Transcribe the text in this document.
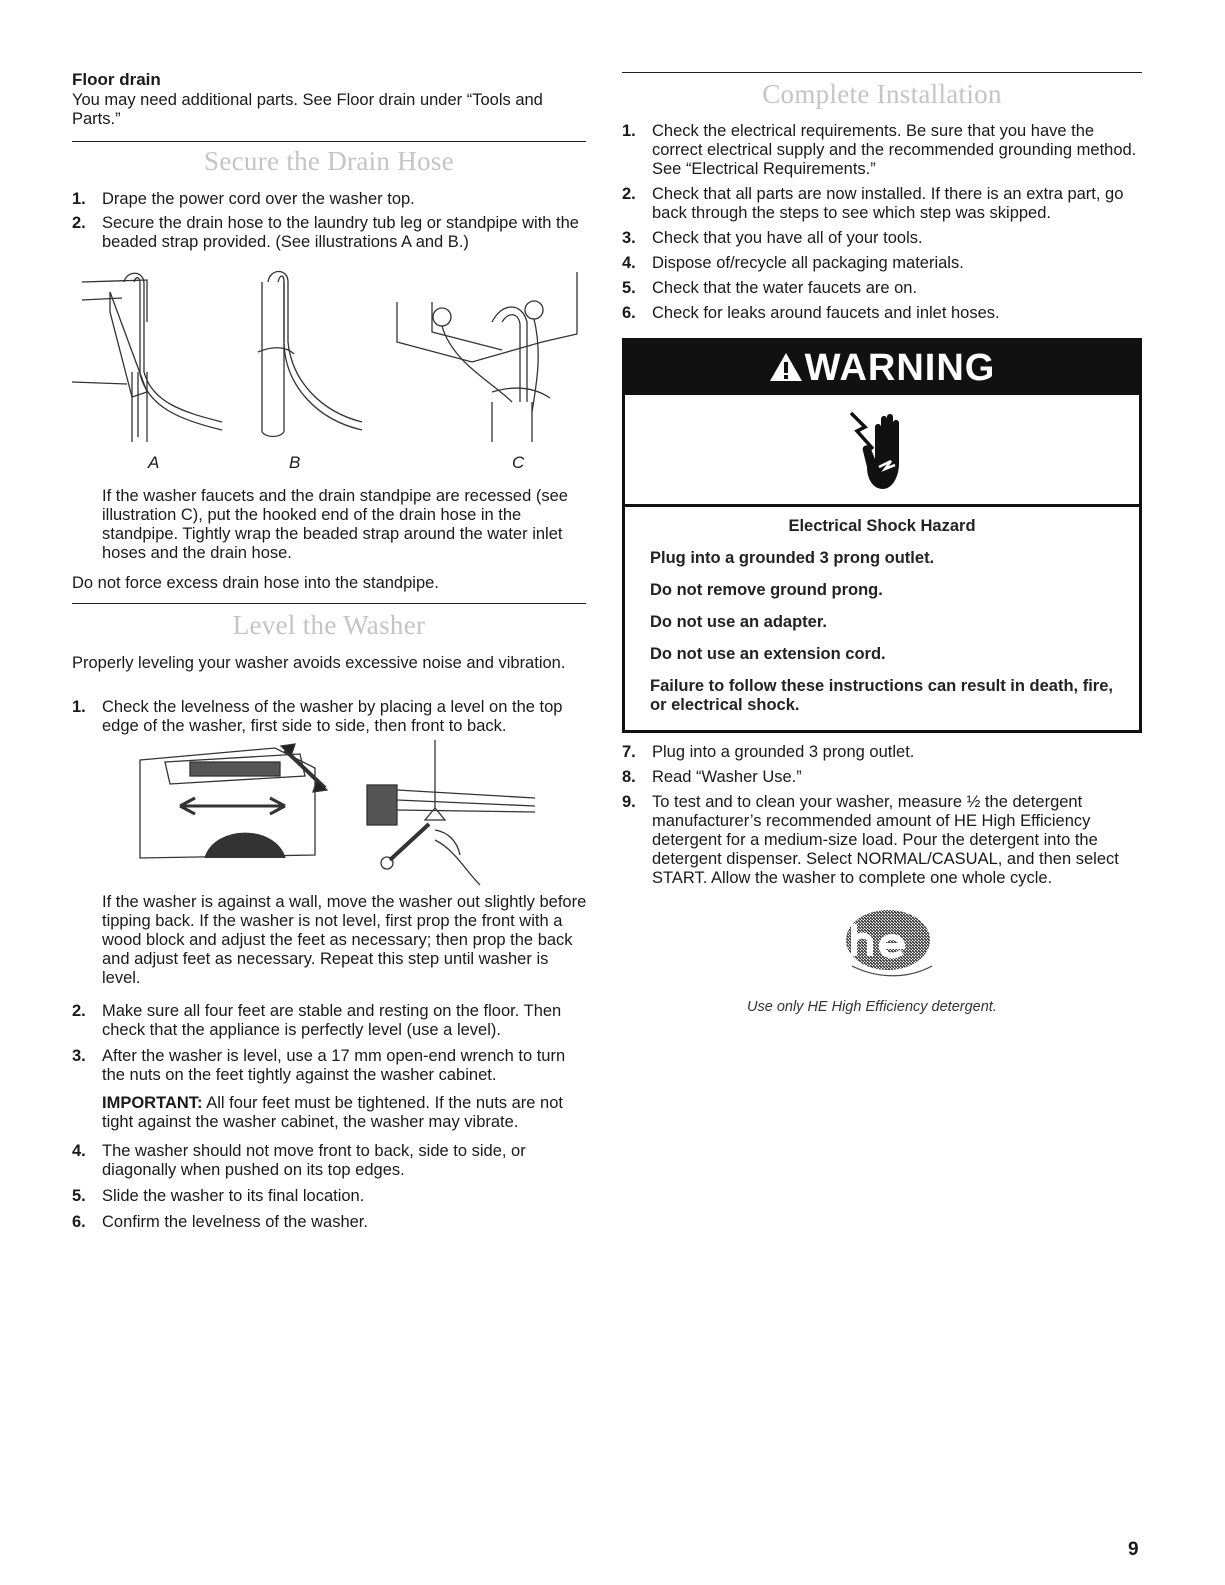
Floor drain

You may need additional parts. See Floor drain under “Tools and Parts.”

Secure the Drain Hose
1. Drape the power cord over the washer top.
2. Secure the drain hose to the laundry tub leg or standpipe with the beaded strap provided. (See illustrations A and B.)
A	B	C

If the washer faucets and the drain standpipe are recessed (see illustration C), put the hooked end of the drain hose in the standpipe. Tightly wrap the beaded strap around the water inlet hoses and the drain hose.

Do not force excess drain hose into the standpipe.

Level the Washer

Properly leveling your washer avoids excessive noise and vibration.

1. Check the levelness of the washer by placing a level on the top edge of the washer, first side to side, then front to back.

If the washer is against a wall, move the washer out slightly before tipping back. If the washer is not level, first prop the front with a wood block and adjust the feet as necessary; then prop the back and adjust feet as necessary. Repeat this step until washer is level.

2. Make sure all four feet are stable and resting on the floor. Then check that the appliance is perfectly level (use a level).
3. After the washer is level, use a 17 mm open-end wrench to turn the nuts on the feet tightly against the washer cabinet.

IMPORTANT: All four feet must be tightened. If the nuts are not tight against the washer cabinet, the washer may vibrate.

4. The washer should not move front to back, side to side, or diagonally when pushed on its top edges.
5. Slide the washer to its final location.
6. Confirm the levelness of the washer.
Complete Installation
1. Check the electrical requirements. Be sure that you have the correct electrical supply and the recommended grounding method. See “Electrical Requirements.”
2. Check that all parts are now installed. If there is an extra part, go back through the steps to see which step was skipped.
3. Check that you have all of your tools.
4. Dispose of/recycle all packaging materials.
5. Check that the water faucets are on.
6. Check for leaks around faucets and inlet hoses.
WARNING
Electrical Shock Hazard
Plug into a grounded 3 prong outlet.
Do not remove ground prong.
Do not use an adapter.
Do not use an extension cord.
Failure to follow these instructions can result in death, fire, or electrical shock.
7. Plug into a grounded 3 prong outlet.
8. Read “Washer Use.”
9. To test and to clean your washer, measure ½ the detergent manufacturer’s recommended amount of HE High Efficiency detergent for a medium-size load. Pour the detergent into the detergent dispenser. Select NORMAL/CASUAL, and then select START. Allow the washer to complete one whole cycle.
Use only HE High Efficiency detergent.
9
